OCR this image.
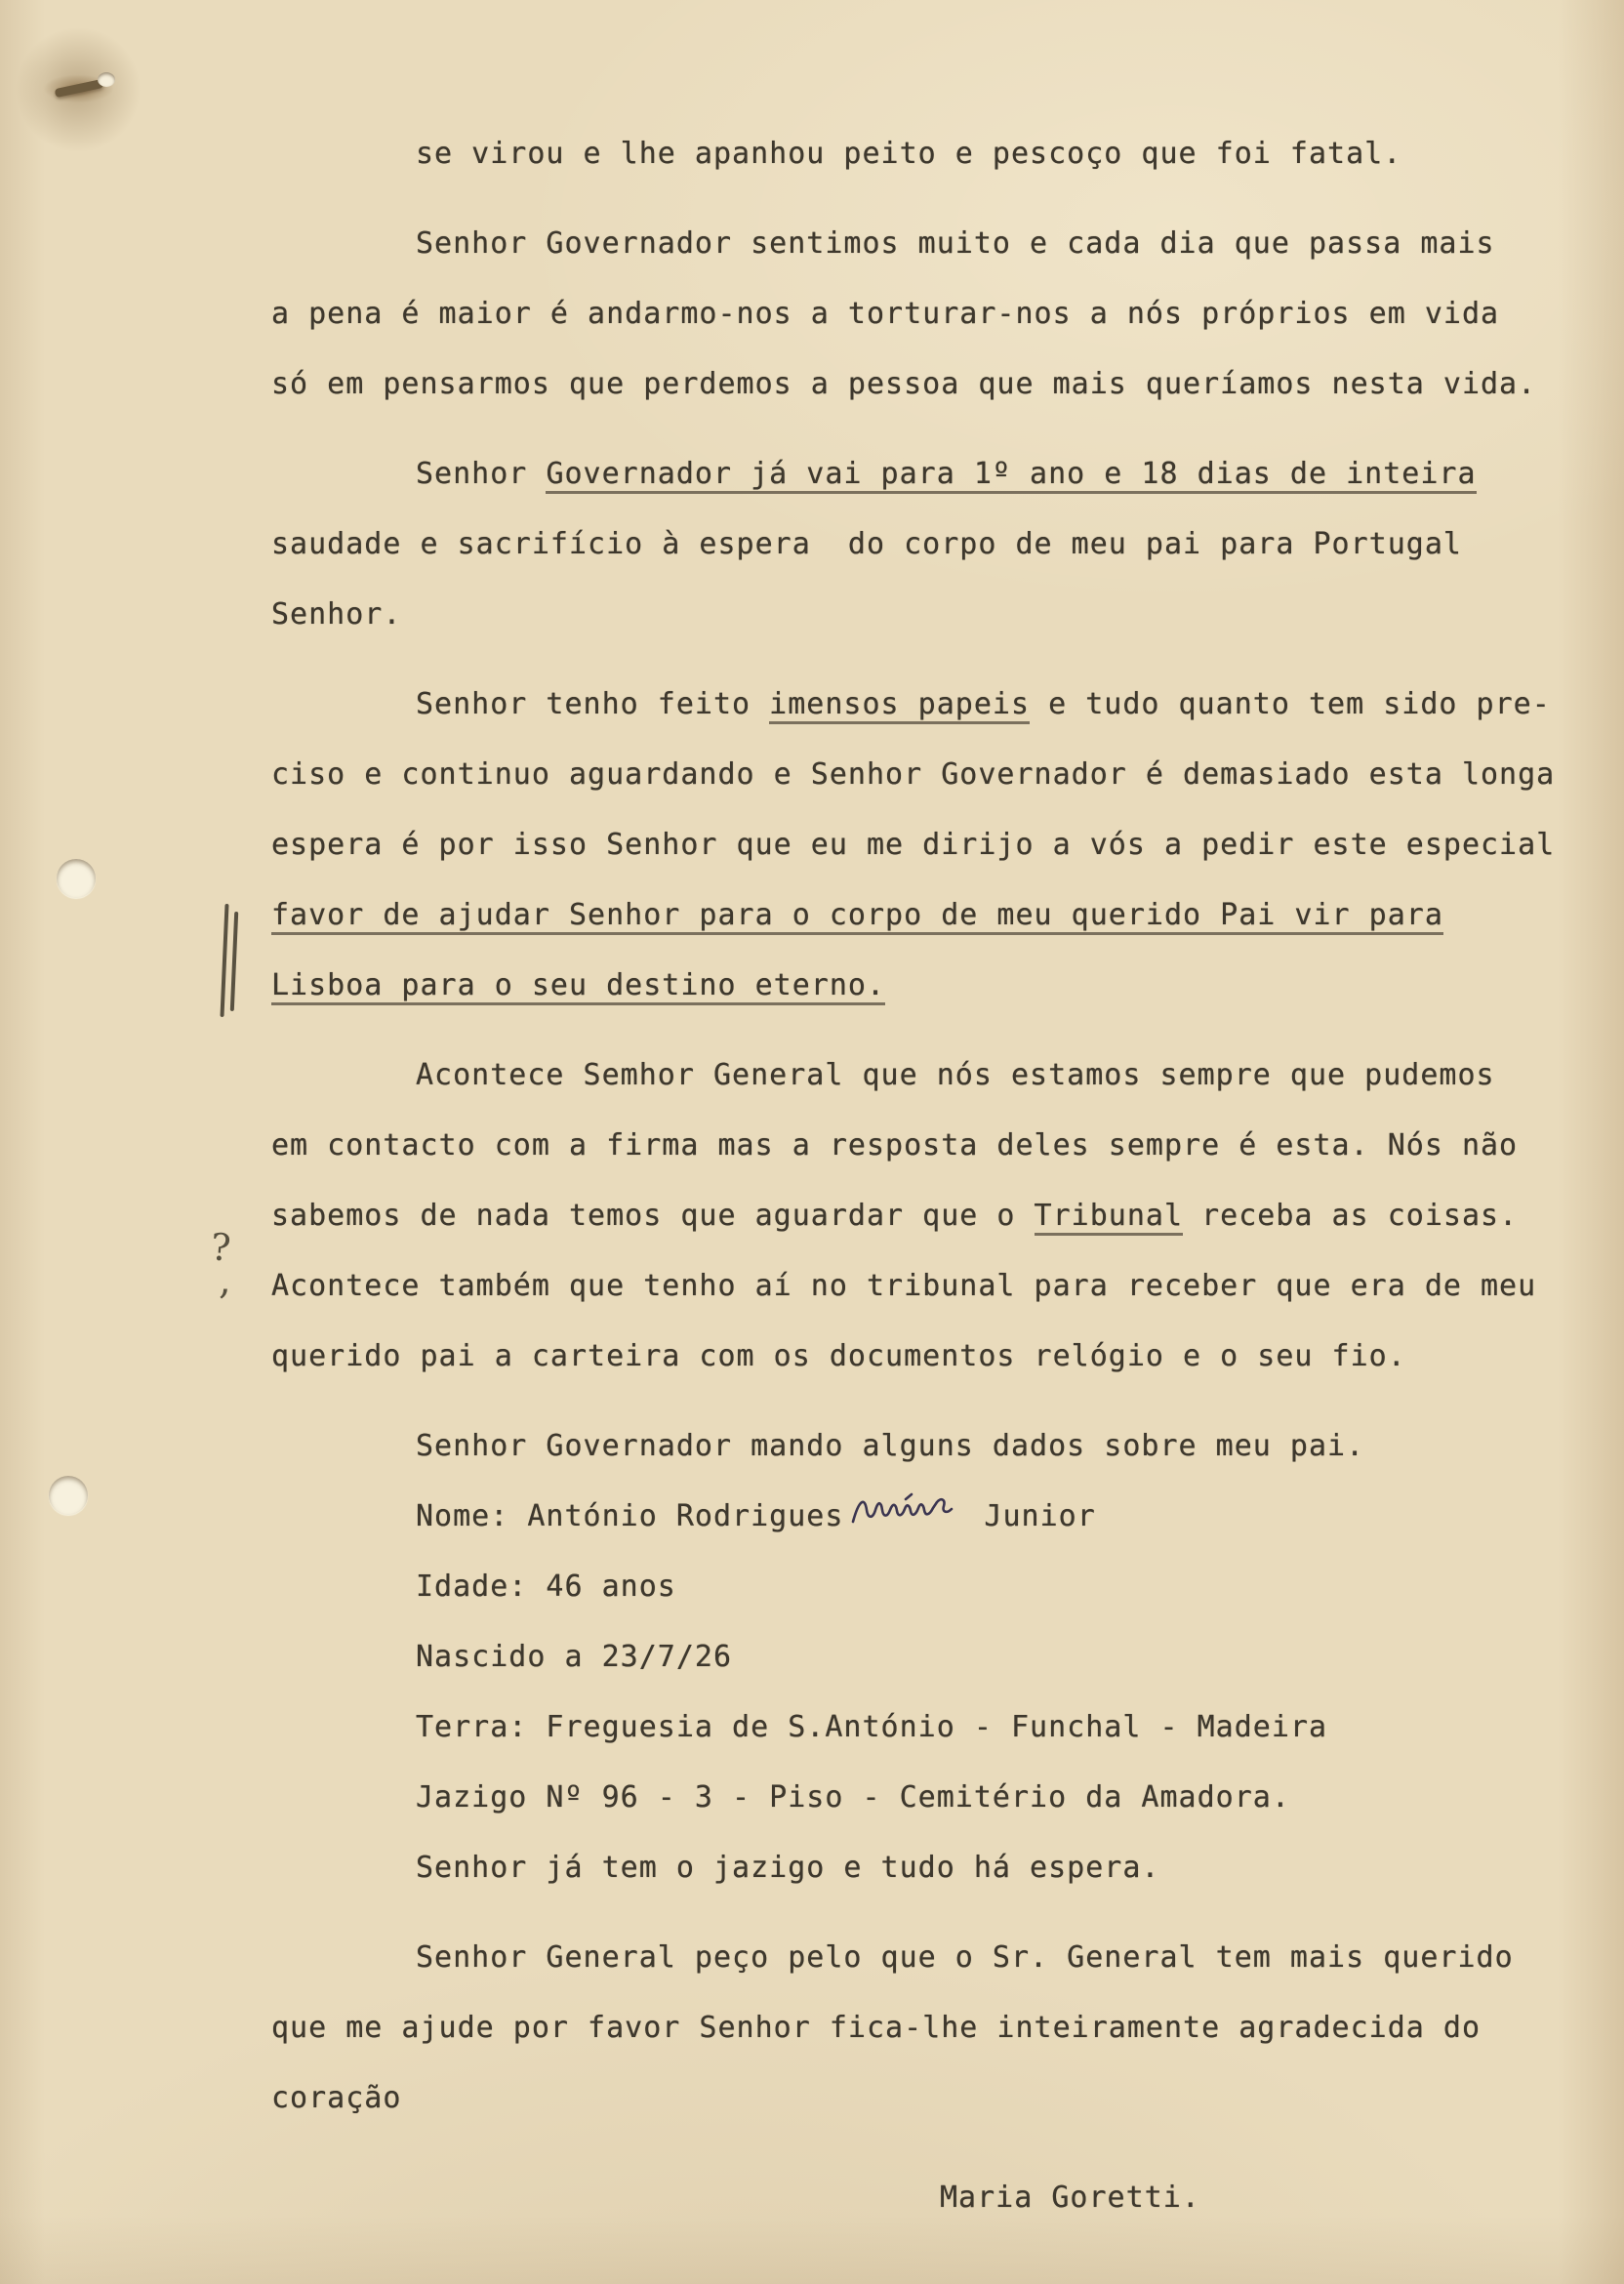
?
,
se virou e lhe apanhou peito e pescoço que foi fatal.
Senhor Governador sentimos muito e cada dia que passa mais
a pena é maior é andarmo-nos a torturar-nos a nós próprios em vida
só em pensarmos que perdemos a pessoa que mais queríamos nesta vida.
Senhor Governador já vai para 1º ano e 18 dias de inteira
saudade e sacrifício à espera  do corpo de meu pai para Portugal
Senhor.
Senhor tenho feito imensos papeis e tudo quanto tem sido pre-
ciso e continuo aguardando e Senhor Governador é demasiado esta longa
espera é por isso Senhor que eu me dirijo a vós a pedir este especial
favor de ajudar Senhor para o corpo de meu querido Pai vir para
Lisboa para o seu destino eterno.
Acontece Semhor General que nós estamos sempre que pudemos
em contacto com a firma mas a resposta deles sempre é esta. Nós não
sabemos de nada temos que aguardar que o Tribunal receba as coisas.
Acontece também que tenho aí no tribunal para receber que era de meu
querido pai a carteira com os documentos relógio e o seu fio.
Senhor Governador mando alguns dados sobre meu pai.
Nome: António Rodrigues	Junior
Idade: 46 anos
Nascido a 23/7/26
Terra: Freguesia de S.António - Funchal - Madeira
Jazigo Nº 96 - 3 - Piso - Cemitério da Amadora.
Senhor já tem o jazigo e tudo há espera.
Senhor General peço pelo que o Sr. General tem mais querido
que me ajude por favor Senhor fica-lhe inteiramente agradecida do
coração
Maria Goretti.
